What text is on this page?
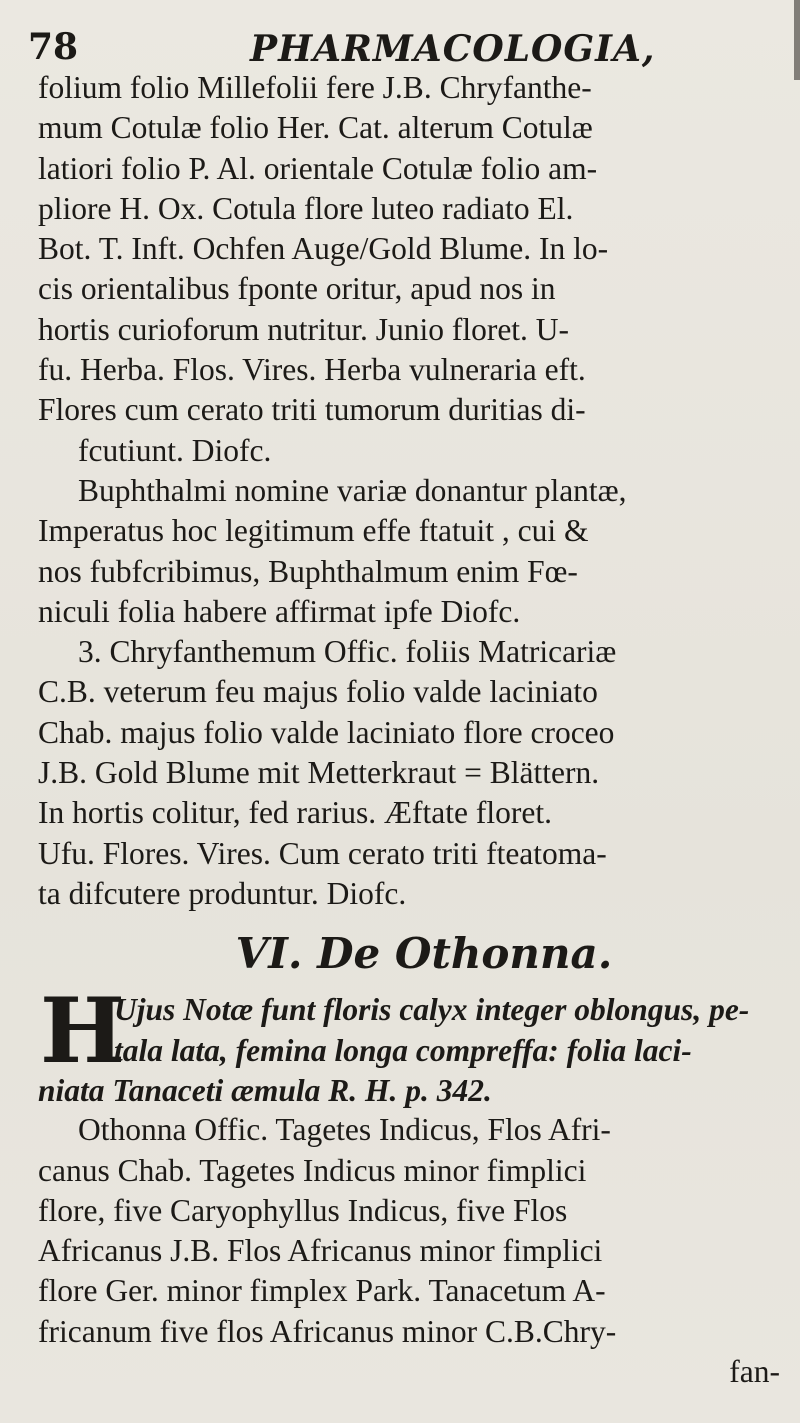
78	PHARMACOLOGIA,
folium folio Millefolii fere J.B. Chryfanthe-
mum Cotulæ folio Her. Cat. alterum Cotulæ
latiori folio P. Al. orientale Cotulæ folio am-
pliore H. Ox. Cotula flore luteo radiato El.
Bot. T. Inft. Ochfen Auge/Gold Blume. In lo-
cis orientalibus fponte oritur, apud nos in
hortis curioforum nutritur. Junio floret. U-
fu. Herba. Flos. Vires. Herba vulneraria eft.
Flores cum cerato triti tumorum duritias di-
fcutiunt. Diofc.
Buphthalmi nomine variæ donantur plantæ,
Imperatus hoc legitimum effe ftatuit , cui &
nos fubfcribimus, Buphthalmum enim Fœ-
niculi folia habere affirmat ipfe Diofc.
3. Chryfanthemum Offic. foliis Matricariæ
C.B. veterum feu majus folio valde laciniato
Chab. majus folio valde laciniato flore croceo
J.B. Gold Blume mit Metterkraut = Blättern.
In hortis colitur, fed rarius. Æftate floret.
Ufu. Flores. Vires. Cum cerato triti fteatoma-
ta difcutere produntur. Diofc.
VI. De Othonna.
H
Ujus Notæ funt floris calyx integer oblongus, pe-
tala lata, femina longa compreffa: folia laci-
niata Tanaceti æmula R. H. p. 342.
Othonna Offic. Tagetes Indicus, Flos Afri-
canus Chab. Tagetes Indicus minor fimplici
flore, five Caryophyllus Indicus, five Flos
Africanus J.B. Flos Africanus minor fimplici
flore Ger. minor fimplex Park. Tanacetum A-
fricanum five flos Africanus minor C.B.Chry-
fan-
